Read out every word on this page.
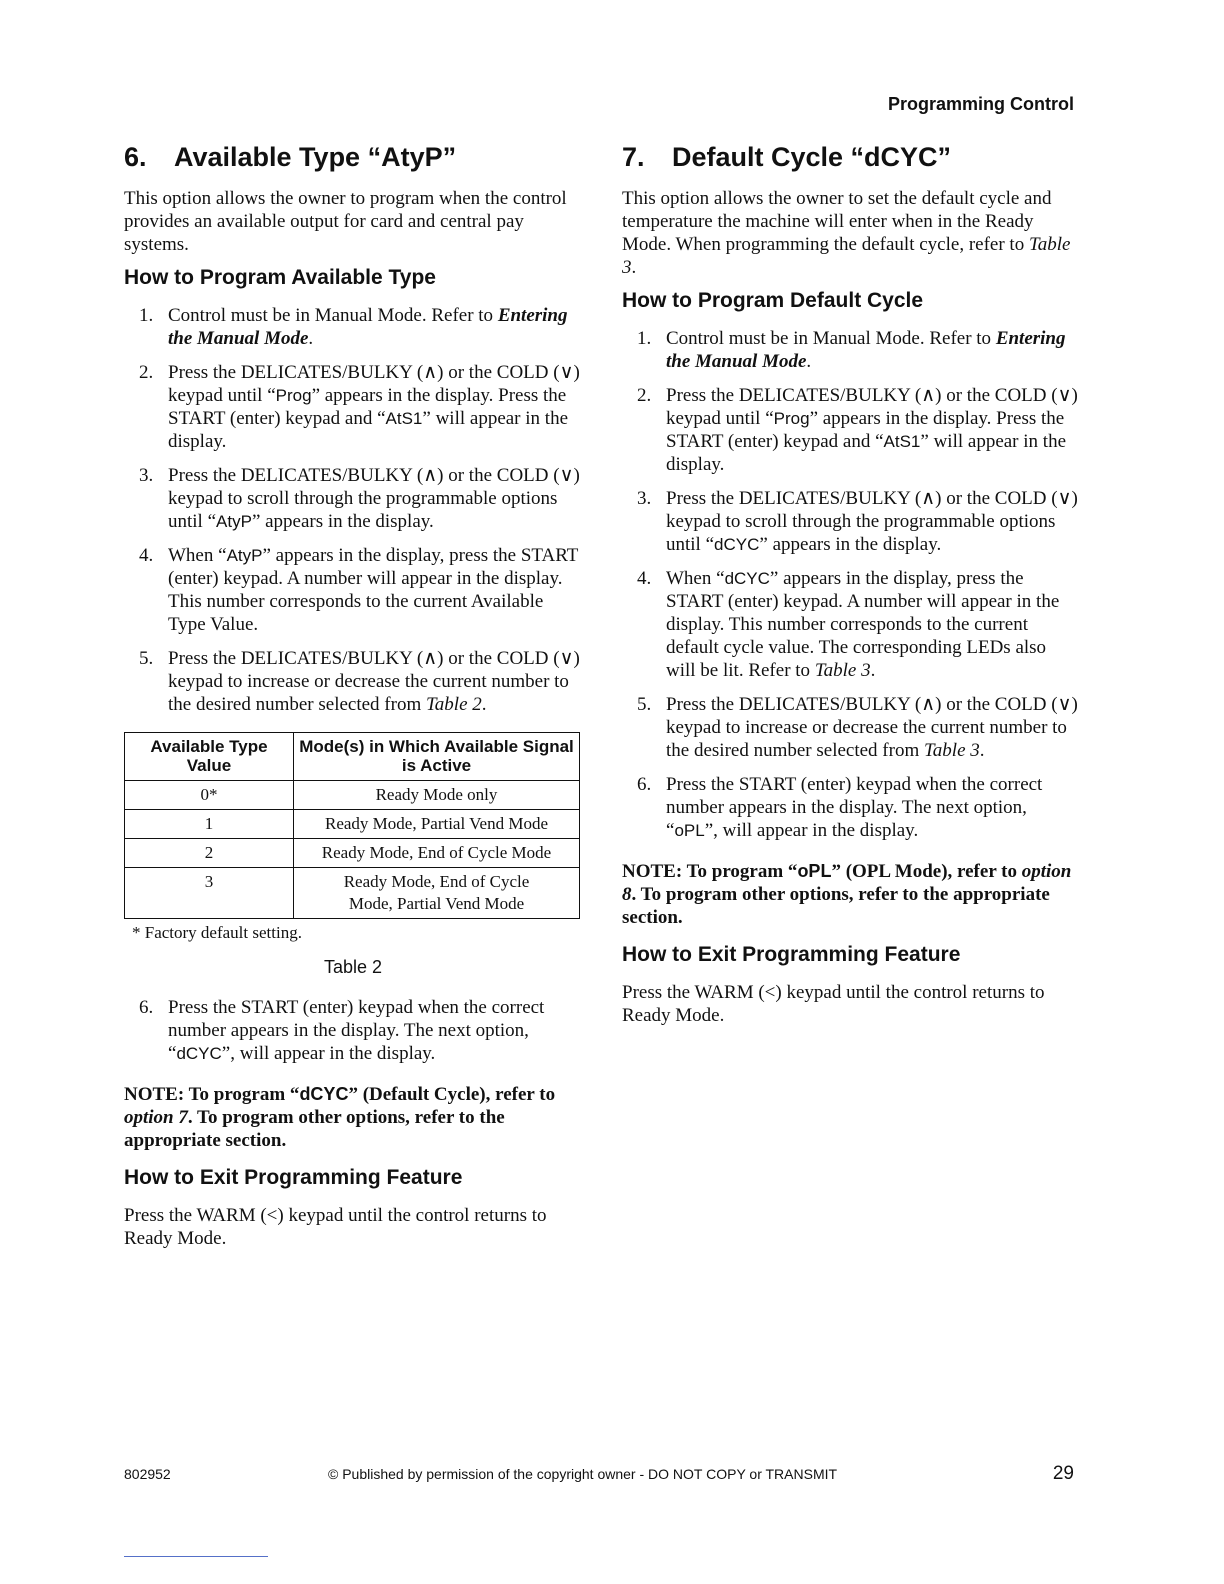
Programming Control
6. Available Type “AtyP”

This option allows the owner to program when the control provides an available output for card and central pay systems.

How to Program Available Type
1. Control must be in Manual Mode. Refer to Entering the Manual Mode.
2. Press the DELICATES/BULKY (∧) or the COLD (∨) keypad until “Prog” appears in the display. Press the START (enter) keypad and “AtS1” will appear in the display.
3. Press the DELICATES/BULKY (∧) or the COLD (∨) keypad to scroll through the programmable options until “AtyP” appears in the display.
4. When “AtyP” appears in the display, press the START (enter) keypad. A number will appear in the display. This number corresponds to the current Available Type Value.
5. Press the DELICATES/BULKY (∧) or the COLD (∨) keypad to increase or decrease the current number to the desired number selected from Table 2.
Available Type Value	Mode(s) in Which Available Signal is Active
0*	Ready Mode only
1	Ready Mode, Partial Vend Mode
2	Ready Mode, End of Cycle Mode
3	Ready Mode, End of Cycle Mode, Partial Vend Mode
* Factory default setting.
Table 2
6. Press the START (enter) keypad when the correct number appears in the display. The next option, “dCYC”, will appear in the display.
NOTE: To program “dCYC” (Default Cycle), refer to option 7. To program other options, refer to the appropriate section.
How to Exit Programming Feature

Press the WARM (<) keypad until the control returns to Ready Mode.

7. Default Cycle “dCYC”

This option allows the owner to set the default cycle and temperature the machine will enter when in the Ready Mode. When programming the default cycle, refer to Table 3.

How to Program Default Cycle
1. Control must be in Manual Mode. Refer to Entering the Manual Mode.
2. Press the DELICATES/BULKY (∧) or the COLD (∨) keypad until “Prog” appears in the display. Press the START (enter) keypad and “AtS1” will appear in the display.
3. Press the DELICATES/BULKY (∧) or the COLD (∨) keypad to scroll through the programmable options until “dCYC” appears in the display.
4. When “dCYC” appears in the display, press the START (enter) keypad. A number will appear in the display. This number corresponds to the current default cycle value. The corresponding LEDs also will be lit. Refer to Table 3.
5. Press the DELICATES/BULKY (∧) or the COLD (∨) keypad to increase or decrease the current number to the desired number selected from Table 3.
6. Press the START (enter) keypad when the correct number appears in the display. The next option, “oPL”, will appear in the display.
NOTE: To program “oPL” (OPL Mode), refer to option 8. To program other options, refer to the appropriate section.
How to Exit Programming Feature

Press the WARM (<) keypad until the control returns to Ready Mode.

802952	© Published by permission of the copyright owner - DO NOT COPY or TRANSMIT	29
